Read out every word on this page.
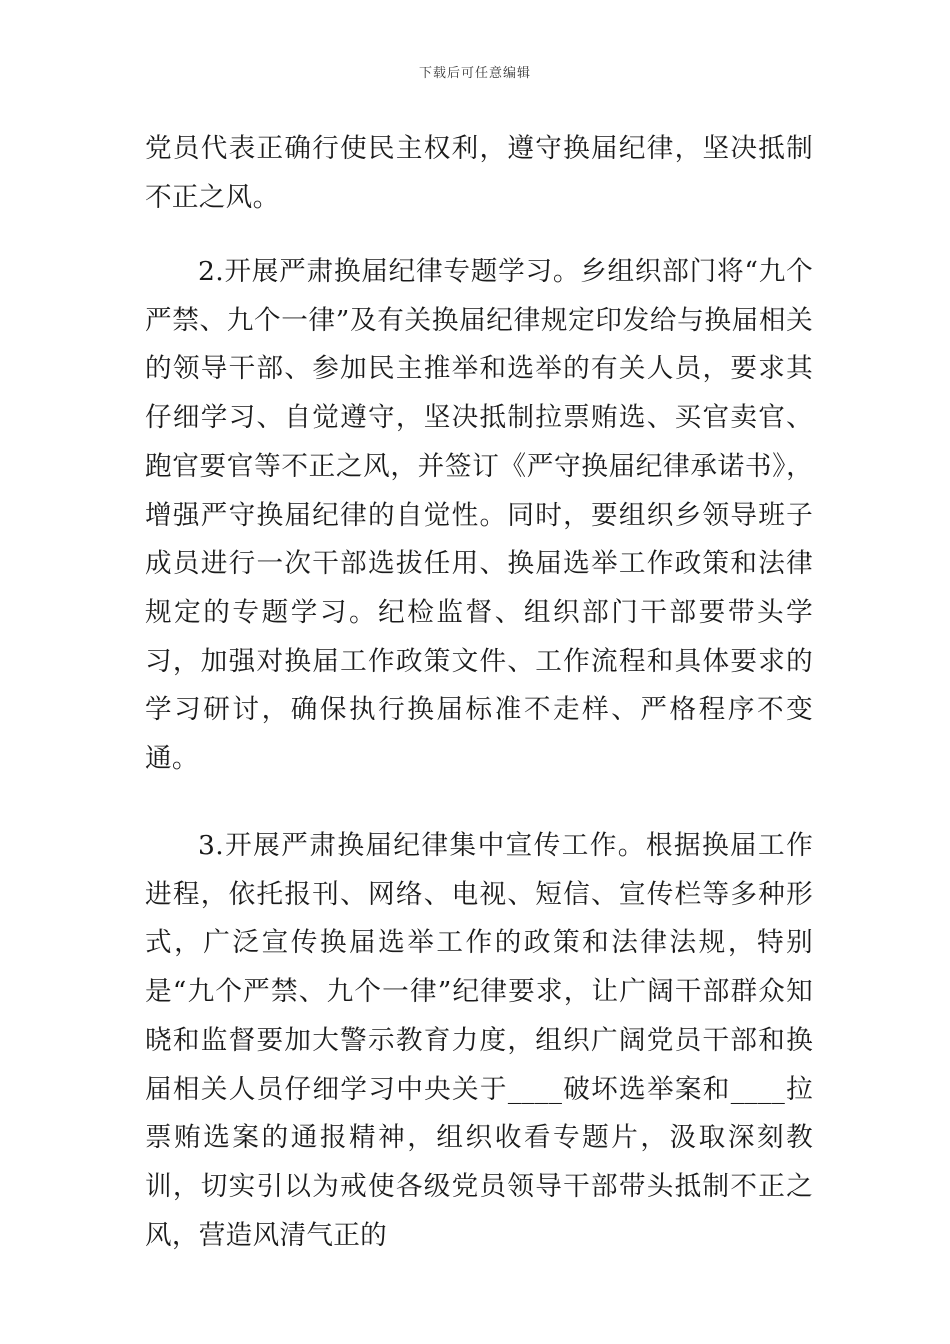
下载后可任意编辑

党员代表正确行使民主权利，遵守换届纪律，坚决抵制不正之风。

2.开展严肃换届纪律专题学习。乡组织部门将“九个严禁、九个一律”及有关换届纪律规定印发给与换届相关的领导干部、参加民主推举和选举的有关人员，要求其仔细学习、自觉遵守，坚决抵制拉票贿选、买官卖官、跑官要官等不正之风，并签订《严守换届纪律承诺书》，增强严守换届纪律的自觉性。同时，要组织乡领导班子成员进行一次干部选拔任用、换届选举工作政策和法律规定的专题学习。纪检监督、组织部门干部要带头学习，加强对换届工作政策文件、工作流程和具体要求的学习研讨，确保执行换届标准不走样、严格程序不变通。

3.开展严肃换届纪律集中宣传工作。根据换届工作进程，依托报刊、网络、电视、短信、宣传栏等多种形式，广泛宣传换届选举工作的政策和法律法规，特别是“九个严禁、九个一律”纪律要求，让广阔干部群众知晓和监督要加大警示教育力度，组织广阔党员干部和换届相关人员仔细学习中央关于____破坏选举案和____拉票贿选案的通报精神，组织收看专题片，汲取深刻教训，切实引以为戒使各级党员领导干部带头抵制不正之风，营造风清气正的
